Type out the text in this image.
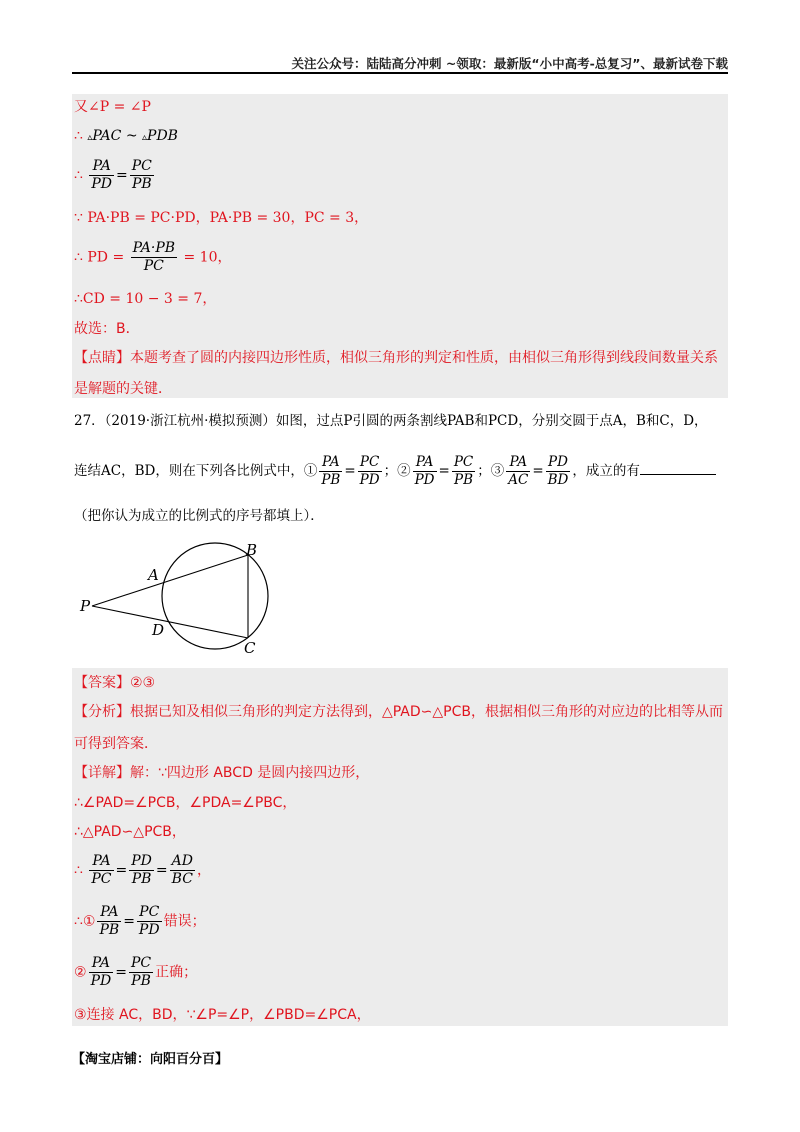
关注公众号：陆陆高分冲刺 ~领取：最新版“小中高考-总复习”、最新试卷下载
又∠P = ∠P
∴ ▵PAC ~ ▵PDB
∴ $\frac{PA}{PD} = \frac{PC}{PB}$
∵ PA·PB = PC·PD，PA·PB = 30，PC = 3，
∴ PD = $\frac{PA\cdot PB}{PC} = 10$，
∴CD = 10 − 3 = 7，
故选：B．
【点睛】本题考查了圆的内接四边形性质，相似三角形的判定和性质，由相似三角形得到线段间数量关系
是解题的关键．
27．（2019·浙江杭州·模拟预测）如图，过点P引圆的两条割线PAB和PCD，分别交圆于点A，B和C，D，
连结AC，BD，则在下列各比例式中，① $\frac{PA}{PB} = \frac{PC}{PD}$ ；② $\frac{PA}{PD} = \frac{PC}{PB}$ ；③ $\frac{PA}{AC} = \frac{PD}{BD}$ ，成立的有
（把你认为成立的比例式的序号都填上）．
P
A
B
C
D
【答案】②③
【分析】根据已知及相似三角形的判定方法得到，△PAD∽△PCB，根据相似三角形的对应边的比相等从而
可得到答案．
【详解】解：∵四边形 ABCD 是圆内接四边形，
∴∠PAD=∠PCB，∠PDA=∠PBC，
∴△PAD∽△PCB，
∴ $\frac{PA}{PC} = \frac{PD}{PB} = \frac{AD}{BC}$ ，
∴① $\frac{PA}{PB} = \frac{PC}{PD}$ 错误；
② $\frac{PA}{PD} = \frac{PC}{PB}$ 正确；
③连接 AC，BD，∵∠P=∠P，∠PBD=∠PCA，
【淘宝店铺：向阳百分百】
